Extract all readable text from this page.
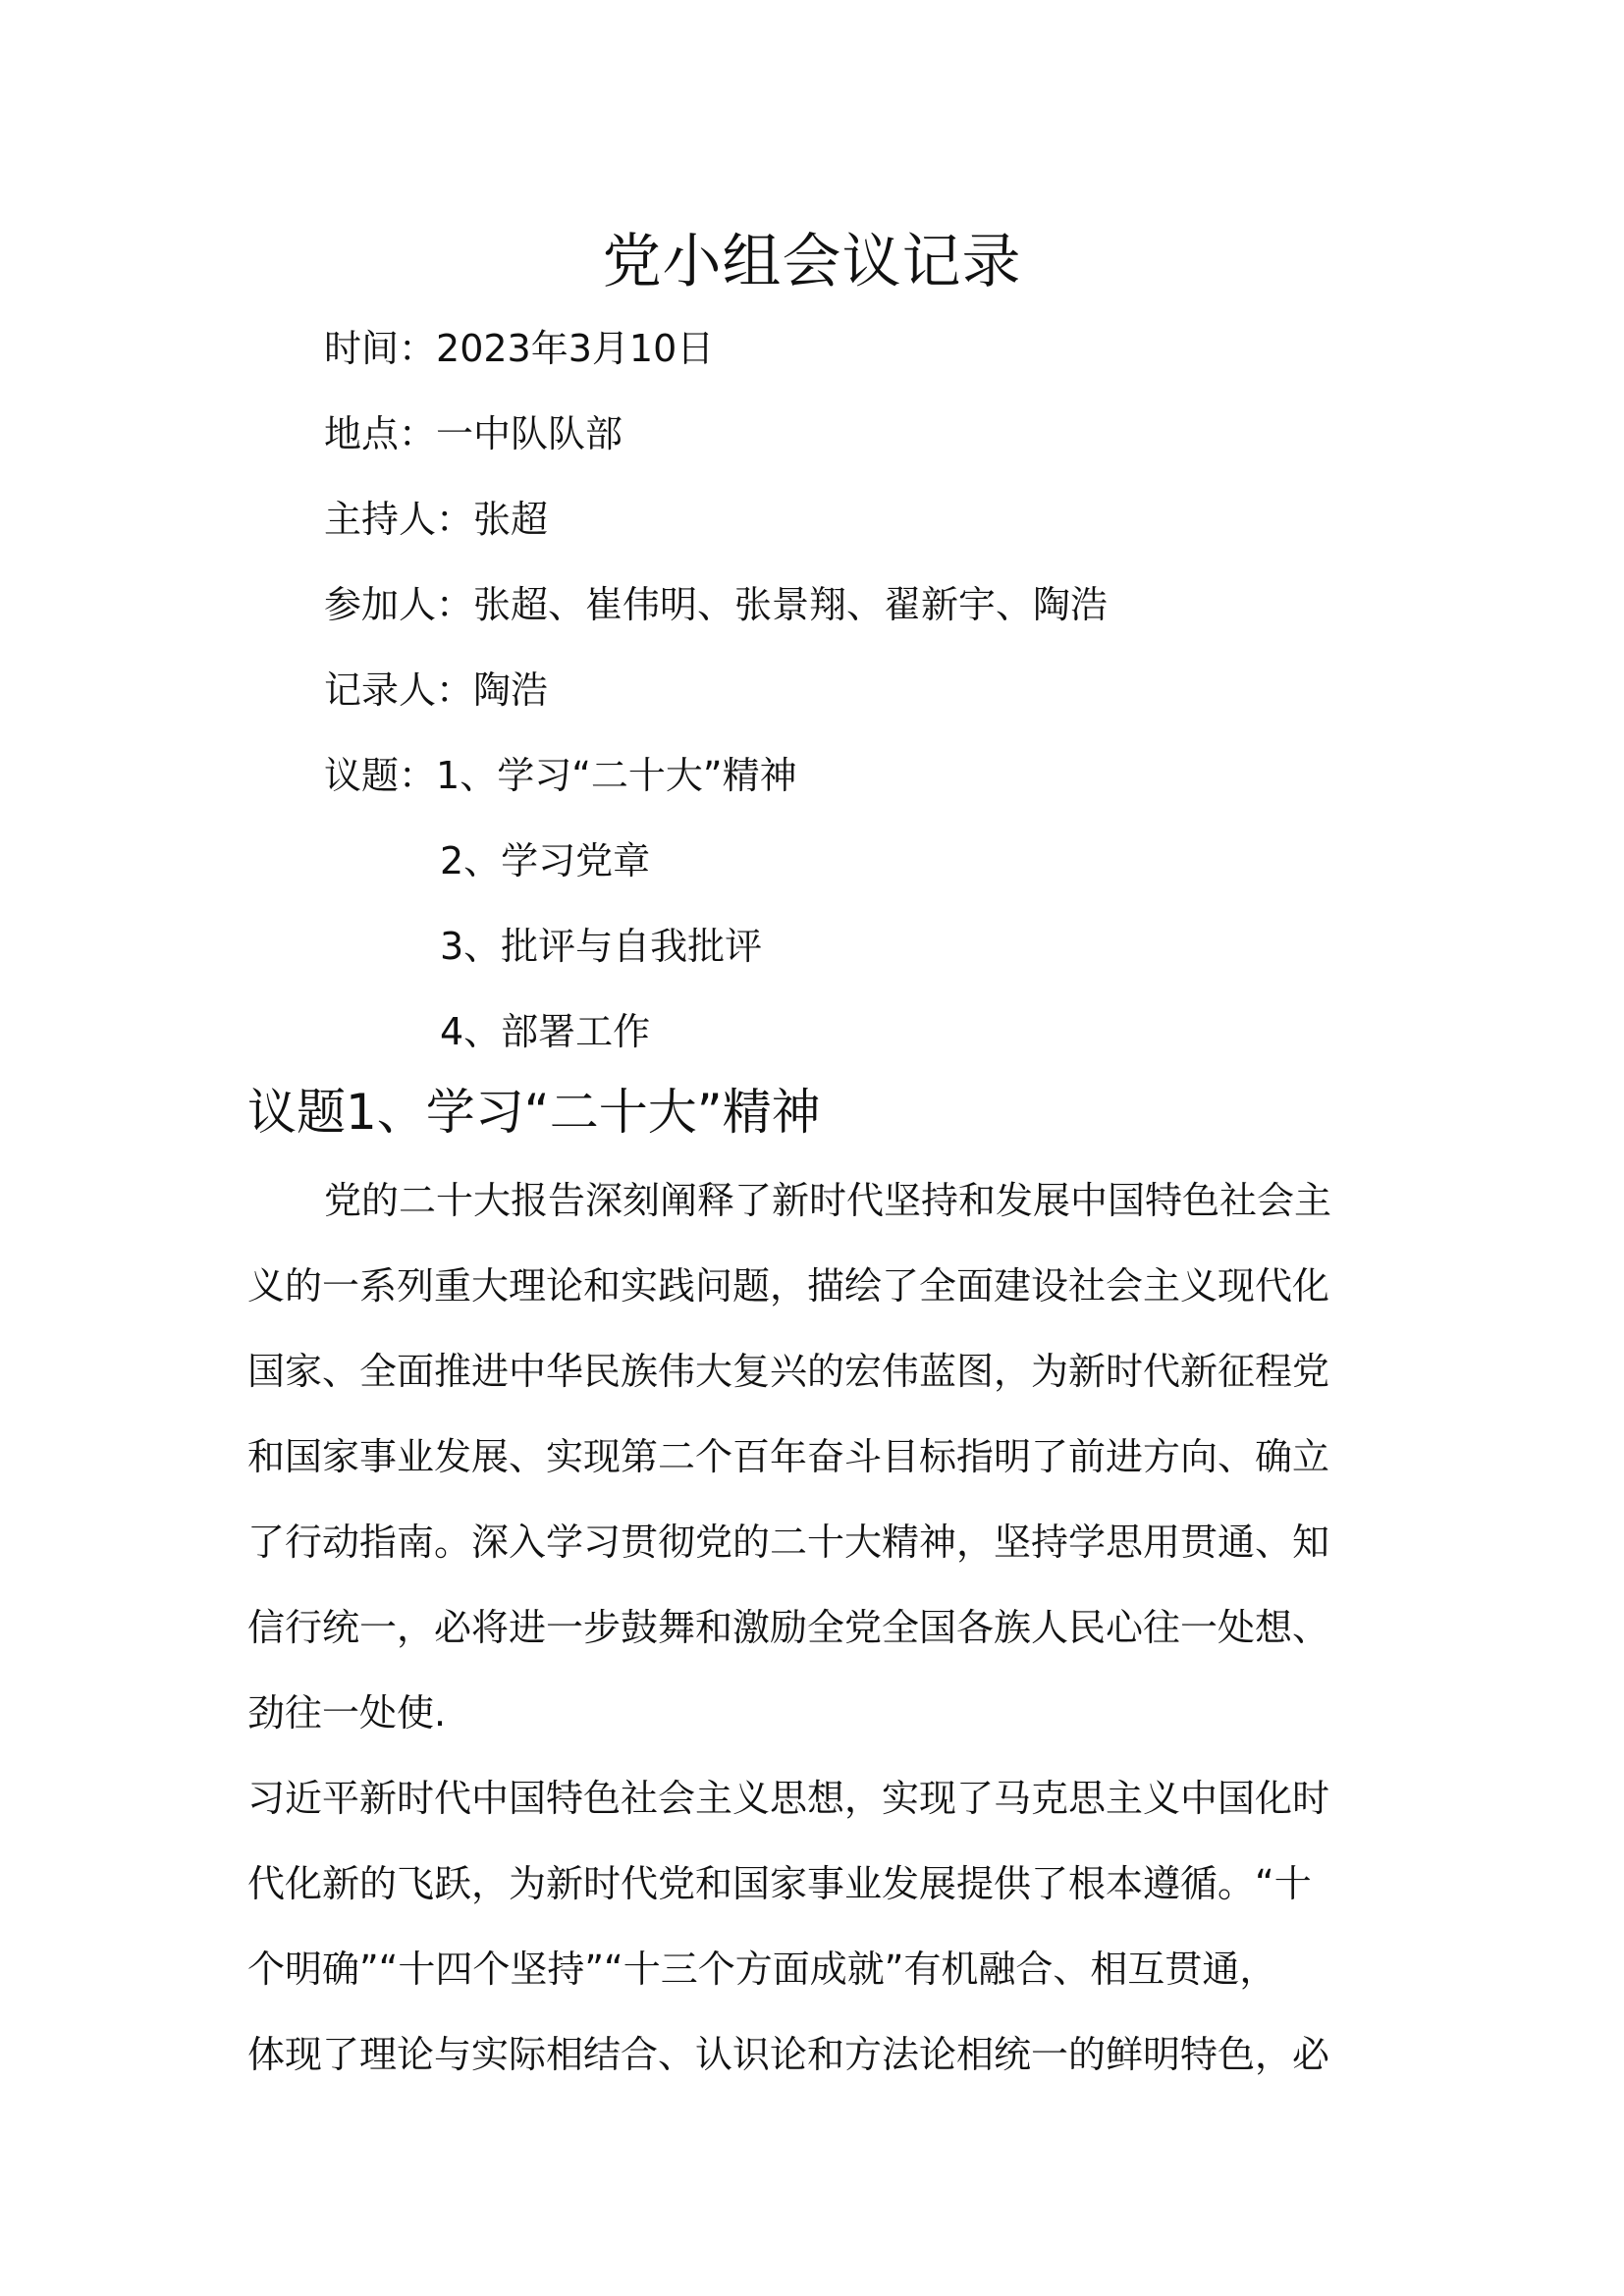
党小组会议记录
时间：2023年3月10日
地点：一中队队部
主持人：张超
参加人：张超、崔伟明、张景翔、翟新宇、陶浩
记录人：陶浩
议题：1、学习“二十大”精神
2、学习党章
3、批评与自我批评
4、部署工作
议题1、学习“二十大”精神
党的二十大报告深刻阐释了新时代坚持和发展中国特色社会主
义的一系列重大理论和实践问题，描绘了全面建设社会主义现代化
国家、全面推进中华民族伟大复兴的宏伟蓝图，为新时代新征程党
和国家事业发展、实现第二个百年奋斗目标指明了前进方向、确立
了行动指南。深入学习贯彻党的二十大精神，坚持学思用贯通、知
信行统一，必将进一步鼓舞和激励全党全国各族人民心往一处想、
劲往一处使.
习近平新时代中国特色社会主义思想，实现了马克思主义中国化时
代化新的飞跃，为新时代党和国家事业发展提供了根本遵循。“十
个明确”“十四个坚持”“十三个方面成就”有机融合、相互贯通，
体现了理论与实际相结合、认识论和方法论相统一的鲜明特色，必
